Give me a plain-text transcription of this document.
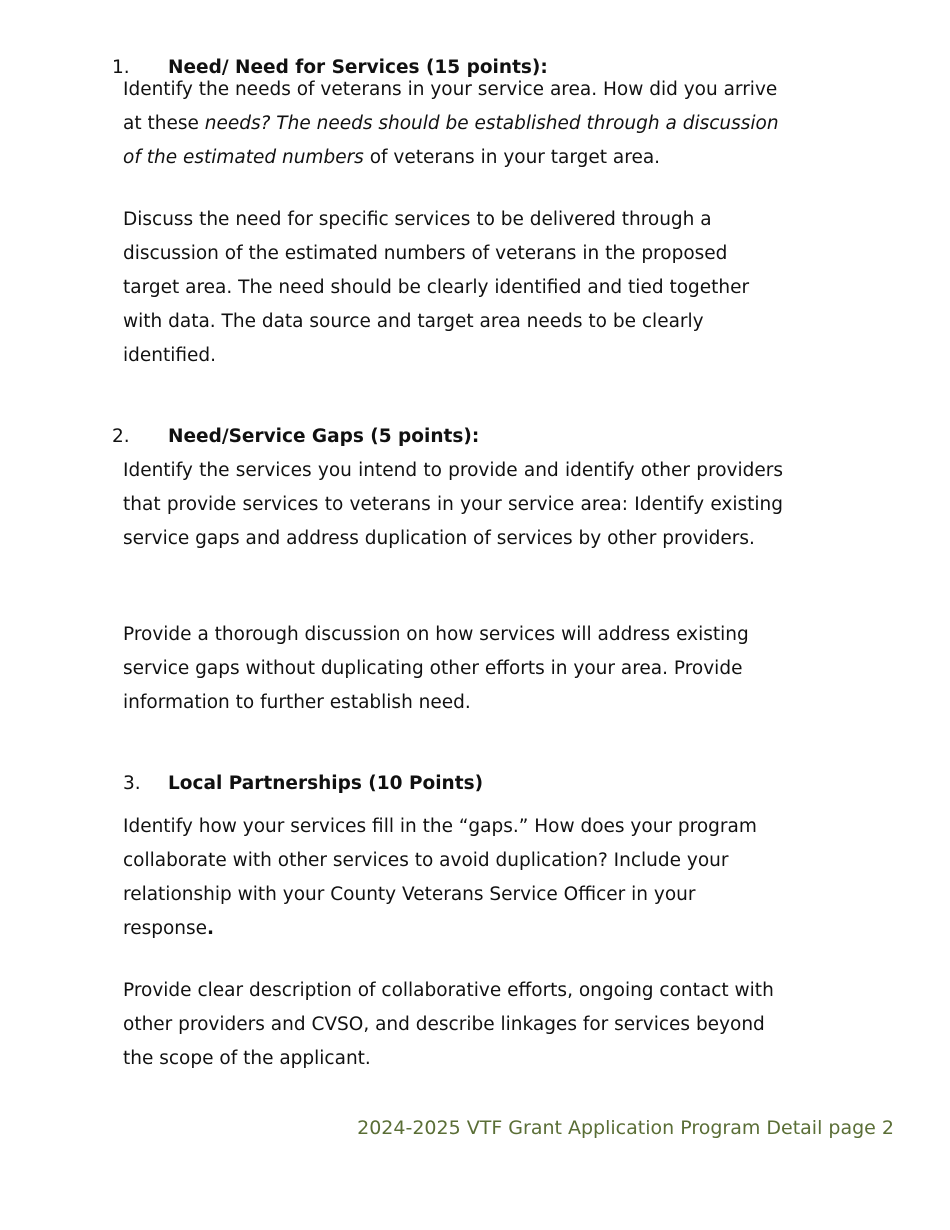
1. Need/ Need for Services (15 points):

Identify the needs of veterans in your service area. How did you arrive at these needs? The needs should be established through a discussion of the estimated numbers of veterans in your target area.

Discuss the need for specific services to be delivered through a discussion of the estimated numbers of veterans in the proposed target area. The need should be clearly identified and tied together with data. The data source and target area needs to be clearly identified.

2. Need/Service Gaps (5 points):

Identify the services you intend to provide and identify other providers that provide services to veterans in your service area: Identify existing service gaps and address duplication of services by other providers.

Provide a thorough discussion on how services will address existing service gaps without duplicating other efforts in your area. Provide information to further establish need.

3. Local Partnerships (10 Points)

Identify how your services fill in the “gaps.” How does your program collaborate with other services to avoid duplication? Include your relationship with your County Veterans Service Officer in your response.

Provide clear description of collaborative efforts, ongoing contact with other providers and CVSO, and describe linkages for services beyond the scope of the applicant.

2024-2025 VTF Grant Application Program Detail page 2
